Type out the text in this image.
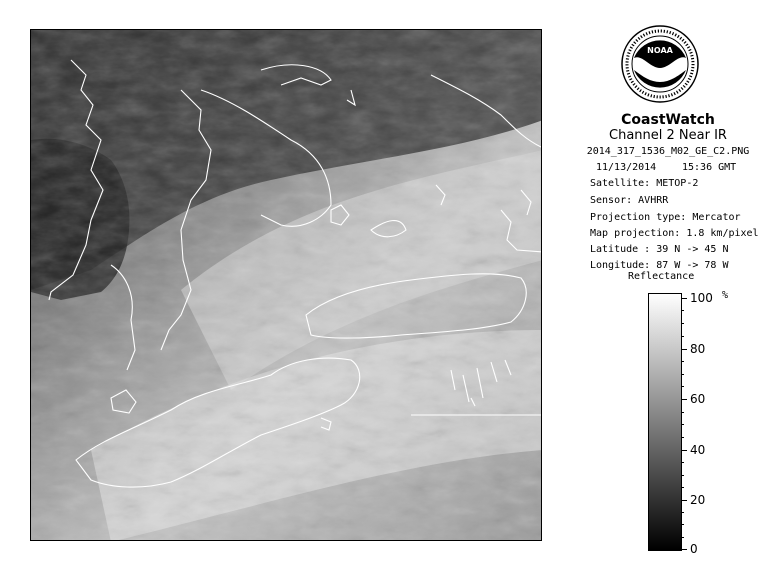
NOAA
CoastWatch
Channel 2 Near IR
2014_317_1536_M02_GE_C2.PNG
11/13/2014	15:36 GMT
Satellite: METOP-2
Sensor: AVHRR
Projection type: Mercator
Map projection: 1.8 km/pixel
Latitude : 39 N -> 45 N
Longitude: 87 W -> 78 W
Reflectance
%
100
80
60
40
20
0
